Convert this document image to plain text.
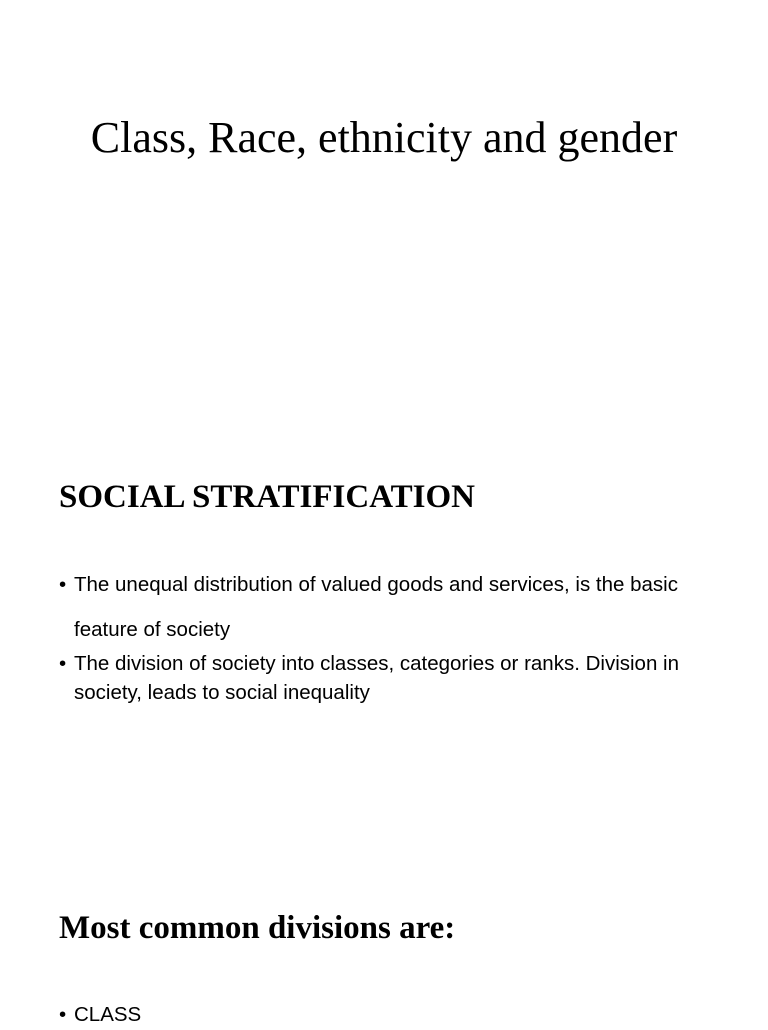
Class, Race, ethnicity and gender
SOCIAL STRATIFICATION
• The unequal distribution of valued goods and services, is the basic feature of society
• The division of society into classes, categories or ranks. Division in society, leads to social inequality
Most common divisions are:
• CLASS
